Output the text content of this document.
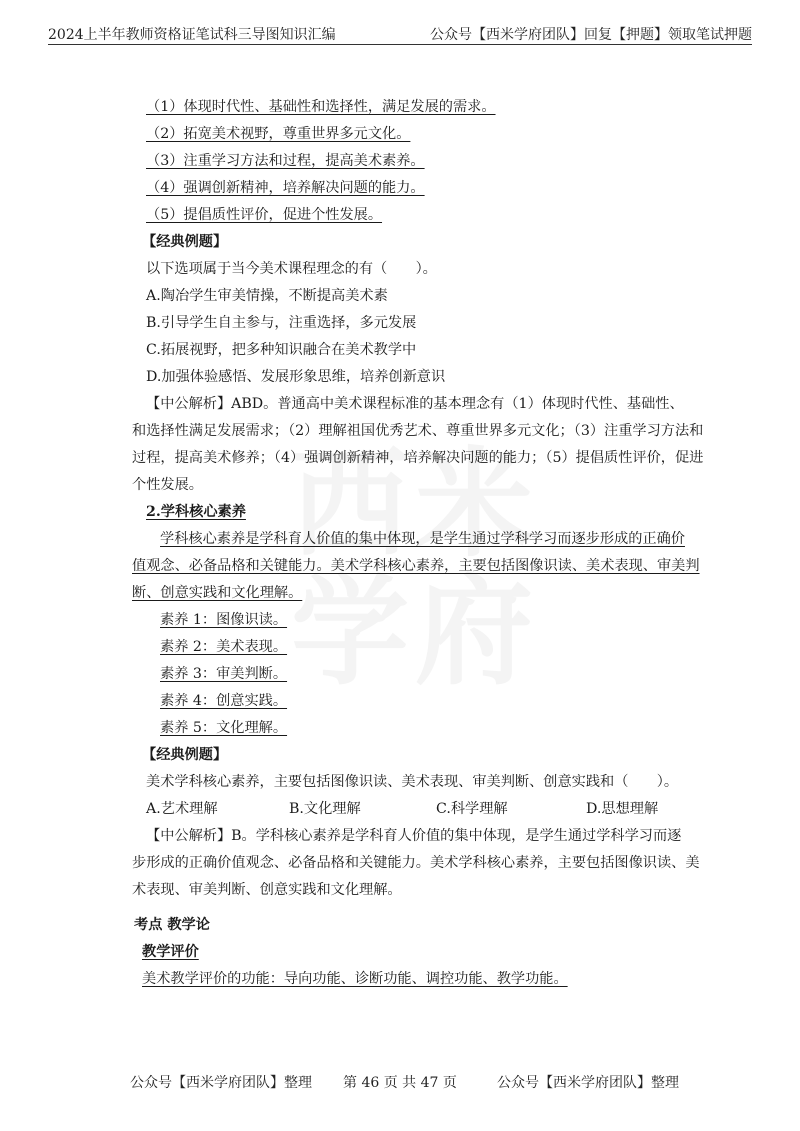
2024上半年教师资格证笔试科三导图知识汇编	公众号【西米学府团队】回复【押题】领取笔试押题
（1）体现时代性、基础性和选择性，满足发展的需求。
（2）拓宽美术视野，尊重世界多元文化。
（3）注重学习方法和过程，提高美术素养。
（4）强调创新精神，培养解决问题的能力。
（5）提倡质性评价，促进个性发展。
【经典例题】
以下选项属于当今美术课程理念的有（　　）。
A.陶冶学生审美情操，不断提高美术素
B.引导学生自主参与，注重选择，多元发展
C.拓展视野，把多种知识融合在美术教学中
D.加强体验感悟、发展形象思维，培养创新意识
【中公解析】ABD。普通高中美术课程标准的基本理念有（1）体现时代性、基础性、
和选择性满足发展需求；（2）理解祖国优秀艺术、尊重世界多元文化；（3）注重学习方法和
过程，提高美术修养；（4）强调创新精神，培养解决问题的能力；（5）提倡质性评价，促进
个性发展。
2.学科核心素养
学科核心素养是学科育人价值的集中体现，是学生通过学科学习而逐步形成的正确价
值观念、必备品格和关键能力。美术学科核心素养，主要包括图像识读、美术表现、审美判
断、创意实践和文化理解。
素养 1：图像识读。
素养 2：美术表现。
素养 3：审美判断。
素养 4：创意实践。
素养 5：文化理解。
【经典例题】
美术学科核心素养，主要包括图像识读、美术表现、审美判断、创意实践和（　　）。
A.艺术理解	B.文化理解	C.科学理解	D.思想理解
【中公解析】B。学科核心素养是学科育人价值的集中体现，是学生通过学科学习而逐
步形成的正确价值观念、必备品格和关键能力。美术学科核心素养，主要包括图像识读、美
术表现、审美判断、创意实践和文化理解。
考点 教学论
教学评价
美术教学评价的功能：导向功能、诊断功能、调控功能、教学功能。
公众号【西米学府团队】整理 第 46 页 共 47 页	公众号【西米学府团队】整理
